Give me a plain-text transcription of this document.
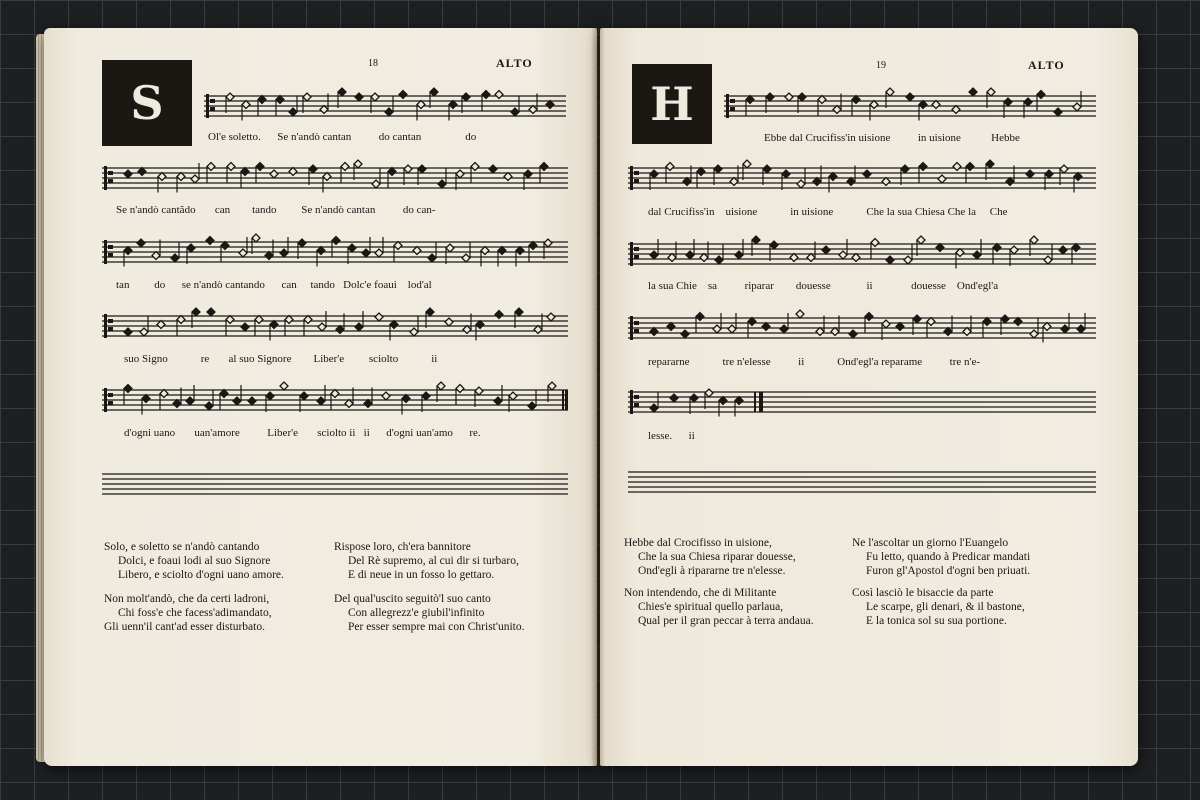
18	ALTO
S
Ol'e soletto. Se n'andò cantan	do cantan	do
Se n'andò cantãdo can tando Se n'andò cantan	do can-
tan do se n'andò cantando can tando Dolc'e foaui lod'al
suo Signo	re al suo Signore Liber'e sciolto	ii
d'ogni uano uan'amore	Liber'e sciolto ii ii d'ogni uan'amo re.
Solo, e soletto se n'andò cantando
Dolci, e foaui lodi al suo Signore
Libero, e sciolto d'ogni uano amore.
Rispose loro, ch'era bannitore
Del Rè supremo, al cui dir si turbaro,
E di neue in un fosso lo gettaro.
Non molt'andò, che da certi ladroni,
Chi foss'e che facess'adimandato,
Gli uenn'il cant'ad esser disturbato.
Del qual'uscito seguitò'l suo canto
Con allegrezz'e giubil'infinito
Per esser sempre mai con Christ'unito.
19	ALTO
H
Ebbe dal Crucifiss'in uisione	in uisione	Hebbe
dal Crucifiss'in uisione	in uisione	Che la sua Chiesa Che la Che
la sua Chie sa	riparar douesse	ii	douesse Ond'egl'a
repararne	tre n'elesse	ii	Ond'egl'a reparame	tre n'e-
lesse. ii
Hebbe dal Crocifisso in uisione,
Che la sua Chiesa riparar douesse,
Ond'egli à ripararne tre n'elesse.
Ne l'ascoltar un giorno l'Euangelo
Fu letto, quando à Predicar mandati
Furon gl'Apostol d'ogni ben priuati.
Non intendendo, che di Militante
Chies'e spiritual quello parlaua,
Qual per il gran peccar à terra andaua.
Così lasciò le bisaccie da parte
Le scarpe, gli denari, & il bastone,
E la tonica sol su sua portione.
